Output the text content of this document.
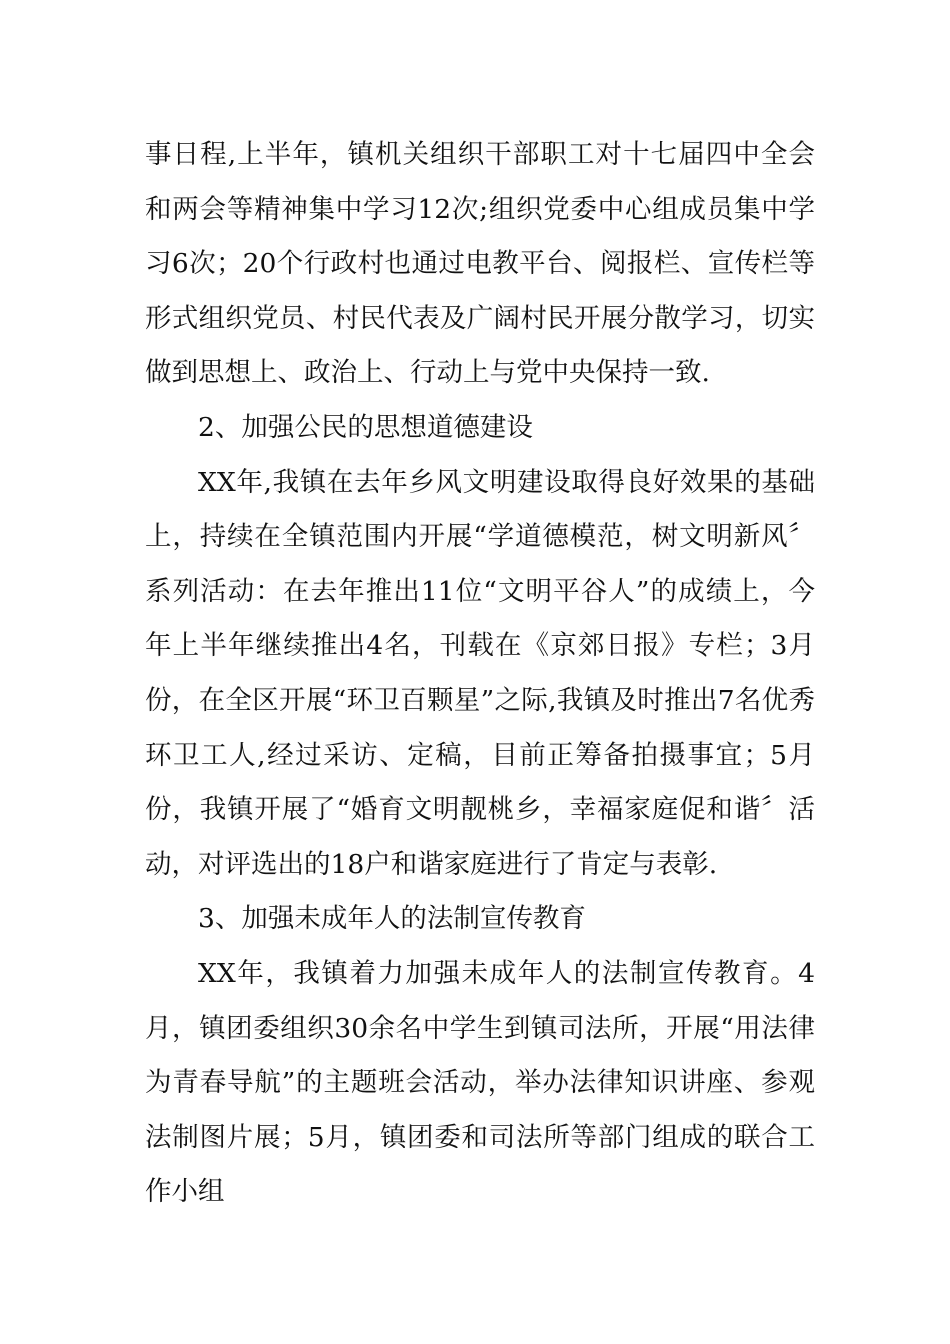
事日程,上半年，镇机关组织干部职工对十七届四中全会和两会等精神集中学习12次;组织党委中心组成员集中学习6次；20个行政村也通过电教平台、阅报栏、宣传栏等形式组织党员、村民代表及广阔村民开展分散学习，切实做到思想上、政治上、行动上与党中央保持一致.

2、加强公民的思想道德建设

XX年,我镇在去年乡风文明建设取得良好效果的基础上，持续在全镇范围内开展“学道德模范，树文明新风〞系列活动：在去年推出11位“文明平谷人”的成绩上，今年上半年继续推出4名，刊载在《京郊日报》专栏；3月份，在全区开展“环卫百颗星”之际,我镇及时推出7名优秀环卫工人,经过采访、定稿，目前正筹备拍摄事宜；5月份，我镇开展了“婚育文明靓桃乡，幸福家庭促和谐〞活动，对评选出的18户和谐家庭进行了肯定与表彰.

3、加强未成年人的法制宣传教育

XX年，我镇着力加强未成年人的法制宣传教育。4月，镇团委组织30余名中学生到镇司法所，开展“用法律为青春导航”的主题班会活动，举办法律知识讲座、参观法制图片展；5月，镇团委和司法所等部门组成的联合工作小组
